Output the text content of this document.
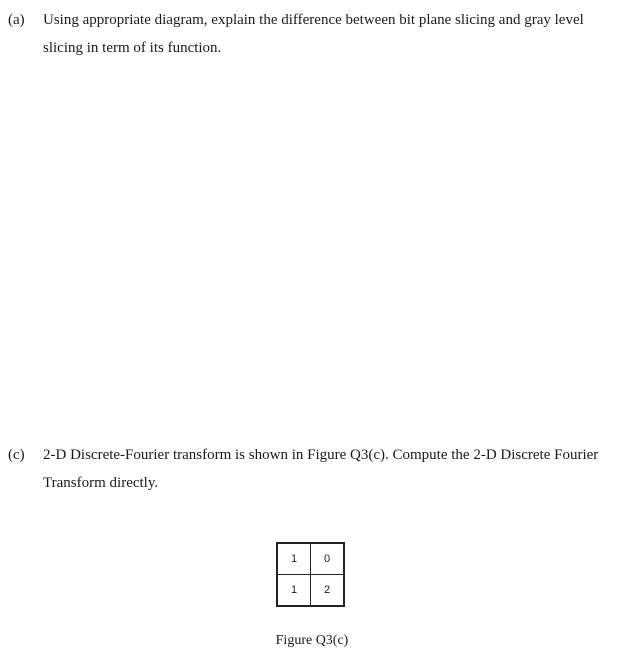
(a) Using appropriate diagram, explain the difference between bit plane slicing and gray level slicing in term of its function.
(c) 2-D Discrete-Fourier transform is shown in Figure Q3(c). Compute the 2-D Discrete Fourier Transform directly.
1	0
1	2
Figure Q3(c)
